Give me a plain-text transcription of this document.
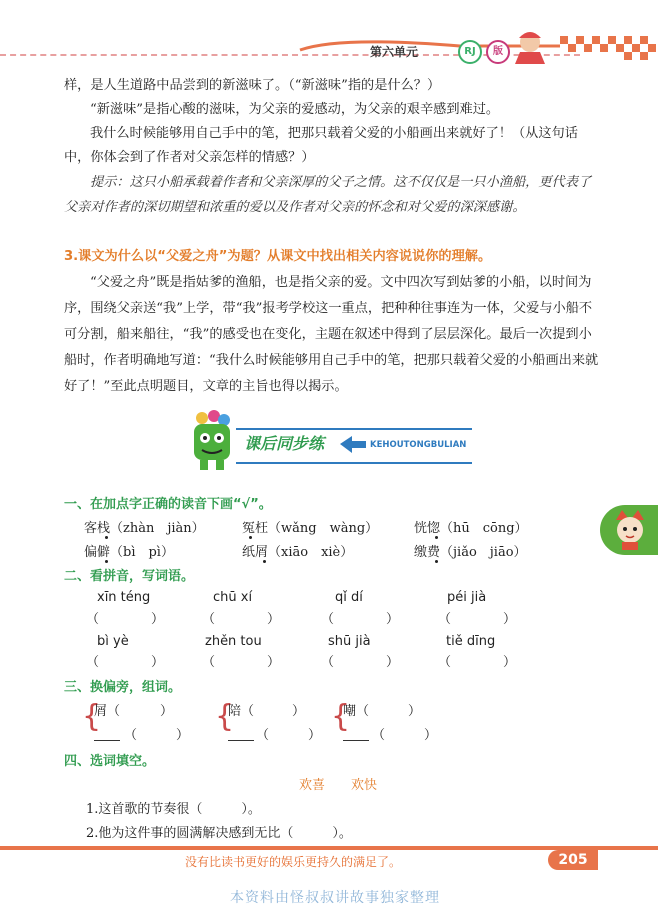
第六单元	RJ	版

样，是人生道路中品尝到的新滋味了。（“新滋味”指的是什么？）

“新滋味”是指心酸的滋味，为父亲的爱感动，为父亲的艰辛感到难过。

我什么时候能够用自己手中的笔，把那只载着父爱的小船画出来就好了！（从这句话中，你体会到了作者对父亲怎样的情感？）

提示：这只小船承载着作者和父亲深厚的父子之情。这不仅仅是一只小渔船，更代表了父亲对作者的深切期望和浓重的爱以及作者对父亲的怀念和对父爱的深深感谢。

3.课文为什么以“父爱之舟”为题？从课文中找出相关内容说说你的理解。

“父爱之舟”既是指姑爹的渔船，也是指父亲的爱。文中四次写到姑爹的小船，以时间为序，围绕父亲送“我”上学，带“我”报考学校这一重点，把种种往事连为一体，父爱与小船不可分割，船来船往，“我”的感受也在变化，主题在叙述中得到了层层深化。最后一次提到小船时，作者明确地写道：“我什么时候能够用自己手中的笔，把那只载着父爱的小船画出来就好了！”至此点明题目，文章的主旨也得以揭示。

课后同步练	KEHOUTONGBULIAN
一、在加点字正确的读音下画“√”。
客栈（zhàn　jiàn）	冤枉（wǎng　wàng）	恍惚（hū　cōng）
偏僻（bì　pì）	纸屑（xiāo　xiè）	缴费（jiǎo　jiāo）
二、看拼音，写词语。
xīn téng	chū xí	qǐ dí	péi jià
（　　　　）	（　　　　）	（　　　　）	（　　　　）
bì yè	zhěn tou	shū jià	tiě dīng
（　　　　）	（　　　　）	（　　　　）	（　　　　）
三、换偏旁，组词。
{
屑（	）
（　　　）
{
陪（	）
（　　　）
{
嘲（	）
（　　　）
四、选词填空。
欢喜　　欢快
1.这首歌的节奏很（　　　）。
2.他为这件事的圆满解决感到无比（　　　）。
没有比读书更好的娱乐更持久的满足了。	205
本资料由怪叔叔讲故事独家整理
